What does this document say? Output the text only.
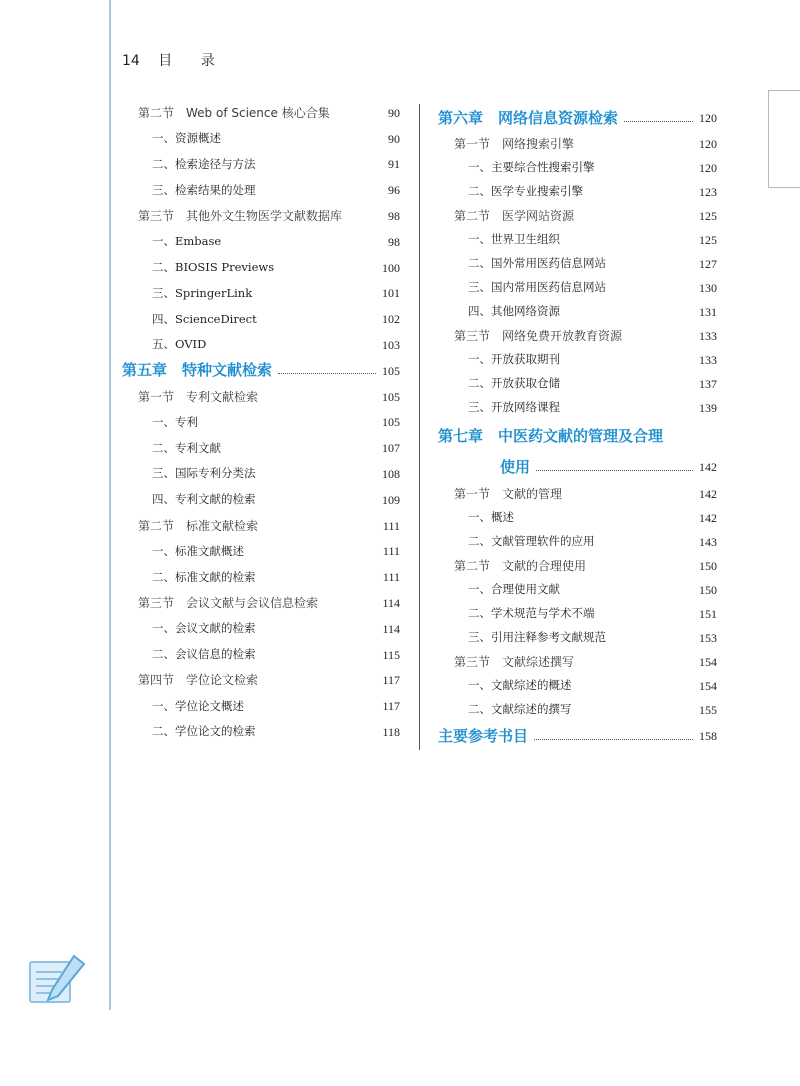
14 目 录
第二节　Web of Science 核心合集	90
一、资源概述	90
二、检索途径与方法	91
三、检索结果的处理	96
第三节　其他外文生物医学文献数据库	98
一、Embase	98
二、BIOSIS Previews	100
三、SpringerLink	101
四、ScienceDirect	102
五、OVID	103
第五章　特种文献检索	105
第一节　专利文献检索	105
一、专利	105
二、专利文献	107
三、国际专利分类法	108
四、专利文献的检索	109
第二节　标准文献检索	111
一、标准文献概述	111
二、标准文献的检索	111
第三节　会议文献与会议信息检索	114
一、会议文献的检索	114
二、会议信息的检索	115
第四节　学位论文检索	117
一、学位论文概述	117
二、学位论文的检索	118
第六章　网络信息资源检索	120
第一节　网络搜索引擎	120
一、主要综合性搜索引擎	120
二、医学专业搜索引擎	123
第二节　医学网站资源	125
一、世界卫生组织	125
二、国外常用医药信息网站	127
三、国内常用医药信息网站	130
四、其他网络资源	131
第三节　网络免费开放教育资源	133
一、开放获取期刊	133
二、开放获取仓储	137
三、开放网络课程	139
第七章　中医药文献的管理及合理
使用	142
第一节　文献的管理	142
一、概述	142
二、文献管理软件的应用	143
第二节　文献的合理使用	150
一、合理使用文献	150
二、学术规范与学术不端	151
三、引用注释参考文献规范	153
第三节　文献综述撰写	154
一、文献综述的概述	154
二、文献综述的撰写	155
主要参考书目	158
